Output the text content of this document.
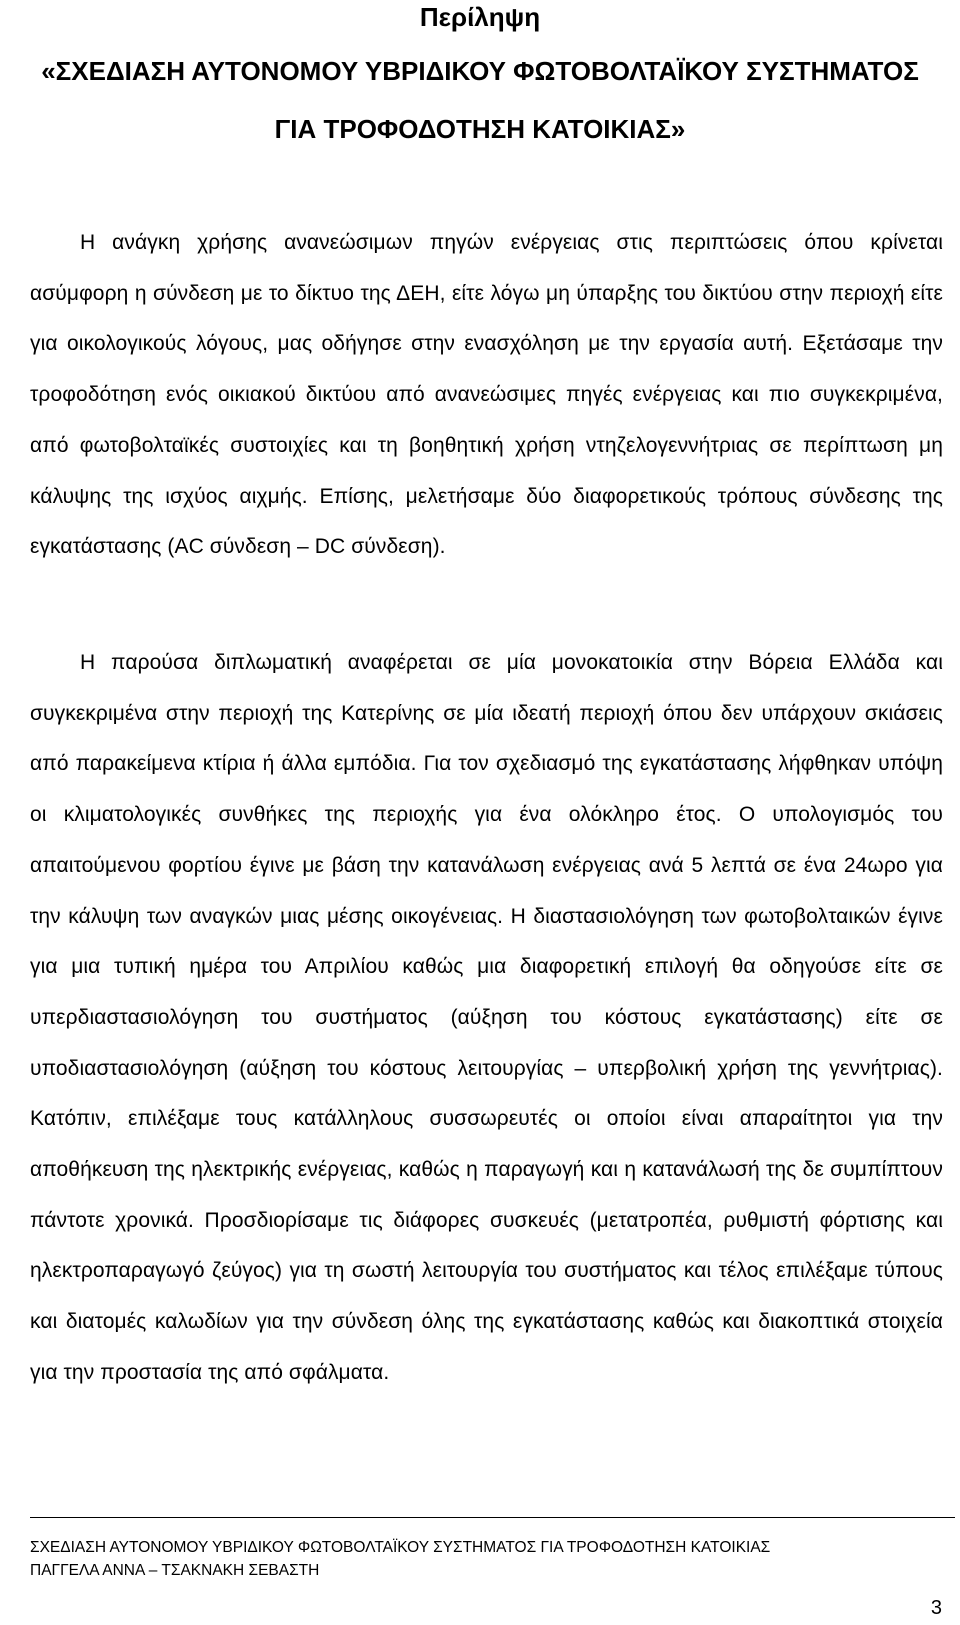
Περίληψη
«ΣΧΕΔΙΑΣΗ ΑΥΤΟΝΟΜΟΥ ΥΒΡΙΔΙΚΟΥ ΦΩΤΟΒΟΛΤΑΪΚΟΥ ΣΥΣΤΗΜΑΤΟΣ
ΓΙΑ ΤΡΟΦΟΔΟΤΗΣΗ ΚΑΤΟΙΚΙΑΣ»

Η ανάγκη χρήσης ανανεώσιμων πηγών ενέργειας στις περιπτώσεις όπου κρίνεται ασύμφορη η σύνδεση με το δίκτυο της ΔΕΗ, είτε λόγω μη ύπαρξης του δικτύου στην περιοχή είτε για οικολογικούς λόγους, μας οδήγησε στην ενασχόληση με την εργασία αυτή. Εξετάσαμε την τροφοδότηση ενός οικιακού δικτύου από ανανεώσιμες πηγές ενέργειας και πιο συγκεκριμένα, από φωτοβολταϊκές συστοιχίες και τη βοηθητική χρήση ντηζελογεννήτριας σε περίπτωση μη κάλυψης της ισχύος αιχμής. Επίσης, μελετήσαμε δύο διαφορετικούς τρόπους σύνδεσης της εγκατάστασης (AC σύνδεση – DC σύνδεση).

Η παρούσα διπλωματική αναφέρεται σε μία μονοκατοικία στην Βόρεια Ελλάδα και συγκεκριμένα στην περιοχή της Κατερίνης σε μία ιδεατή περιοχή όπου δεν υπάρχουν σκιάσεις από παρακείμενα κτίρια ή άλλα εμπόδια. Για τον σχεδιασμό της εγκατάστασης λήφθηκαν υπόψη οι κλιματολογικές συνθήκες της περιοχής για ένα ολόκληρο έτος. Ο υπολογισμός του απαιτούμενου φορτίου έγινε με βάση την κατανάλωση ενέργειας ανά 5 λεπτά σε ένα 24ωρο για την κάλυψη των αναγκών μιας μέσης οικογένειας. Η διαστασιολόγηση των φωτοβολταικών έγινε για μια τυπική ημέρα του Απριλίου καθώς μια διαφορετική επιλογή θα οδηγούσε είτε σε υπερδιαστασιολόγηση του συστήματος (αύξηση του κόστους εγκατάστασης) είτε σε υποδιαστασιολόγηση (αύξηση του κόστους λειτουργίας – υπερβολική χρήση της γεννήτριας). Κατόπιν, επιλέξαμε τους κατάλληλους συσσωρευτές οι οποίοι είναι απαραίτητοι για την αποθήκευση της ηλεκτρικής ενέργειας, καθώς η παραγωγή και η κατανάλωσή της δε συμπίπτουν πάντοτε χρονικά. Προσδιορίσαμε τις διάφορες συσκευές (μετατροπέα, ρυθμιστή φόρτισης και ηλεκτροπαραγωγό ζεύγος) για τη σωστή λειτουργία του συστήματος και τέλος επιλέξαμε τύπους και διατομές καλωδίων για την σύνδεση όλης της εγκατάστασης καθώς και διακοπτικά στοιχεία για την προστασία της από σφάλματα.

ΣΧΕΔΙΑΣΗ ΑΥΤΟΝΟΜΟΥ ΥΒΡΙΔΙΚΟΥ ΦΩΤΟΒΟΛΤΑΪΚΟΥ ΣΥΣΤΗΜΑΤΟΣ ΓΙΑ ΤΡΟΦΟΔΟΤΗΣΗ ΚΑΤΟΙΚΙΑΣ
ΠΑΓΓΕΛΑ ΑΝΝΑ – ΤΣΑΚΝΑΚΗ ΣΕΒΑΣΤΗ
3
